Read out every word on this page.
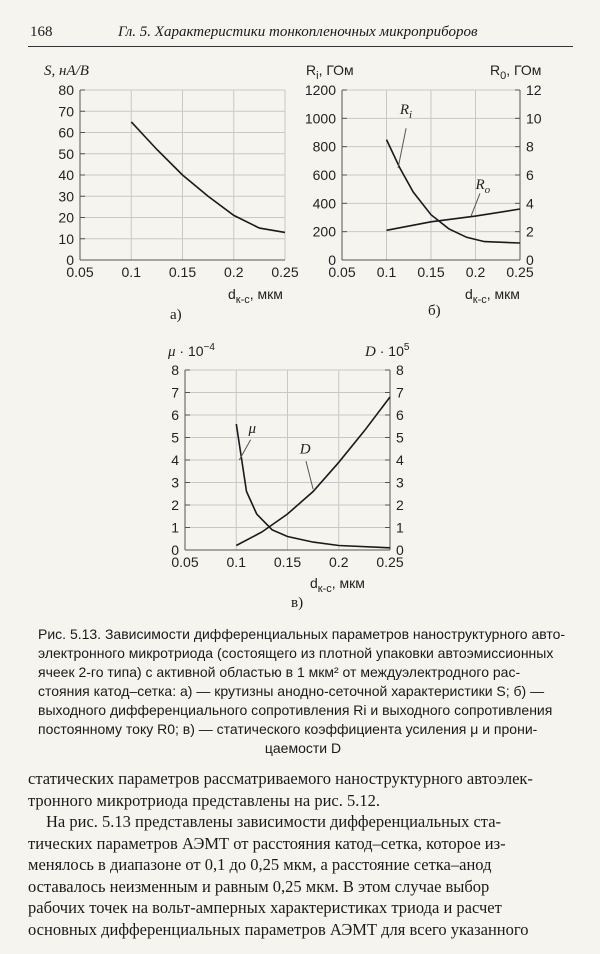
168	Гл. 5. Характеристики тонкопленочных микроприборов
0.05 0.1 0.15 0.2 0.25
0
10
20
30
40
50
60
70
80
S, нА/В
$d_{к-с}$, мкм
0.05 0.1 0.15 0.2 0.25
0
200
400
600
800
1000
1200
0
2
4
6
8
10
12
$R_i$, ГОм	$R_0$, ГОм
$d_{к-с}$, мкм
$R_i$
$R_o$
0.05 0.1 0.15 0.2 0.25
0
1
2
3
4
5
6
7
8
0
1
2
3
4
5
6
7
8
$\mu \cdot 10^{-4}$	$D \cdot 10^5$
$d_{к-с}$, мкм
μ
D
а)	б)
в)
Рис. 5.13. Зависимости дифференциальных параметров наноструктурного авто-
электронного микротриода (состоящего из плотной упаковки автоэмиссионных
ячеек 2-го типа) с активной областью в 1 мкм² от междуэлектродного рас-
стояния катод–сетка: а) — крутизны анодно-сеточной характеристики S; б) —
выходного дифференциального сопротивления Ri и выходного сопротивления
постоянному току R0; в) — статического коэффициента усиления μ и прони-
цаемости D
статических параметров рассматриваемого наноструктурного автоэлек-
тронного микротриода представлены на рис. 5.12.
На рис. 5.13 представлены зависимости дифференциальных ста-
тических параметров АЭМТ от расстояния катод–сетка, которое из-
менялось в диапазоне от 0,1 до 0,25 мкм, а расстояние сетка–анод
оставалось неизменным и равным 0,25 мкм. В этом случае выбор
рабочих точек на вольт-амперных характеристиках триода и расчет
основных дифференциальных параметров АЭМТ для всего указанного
